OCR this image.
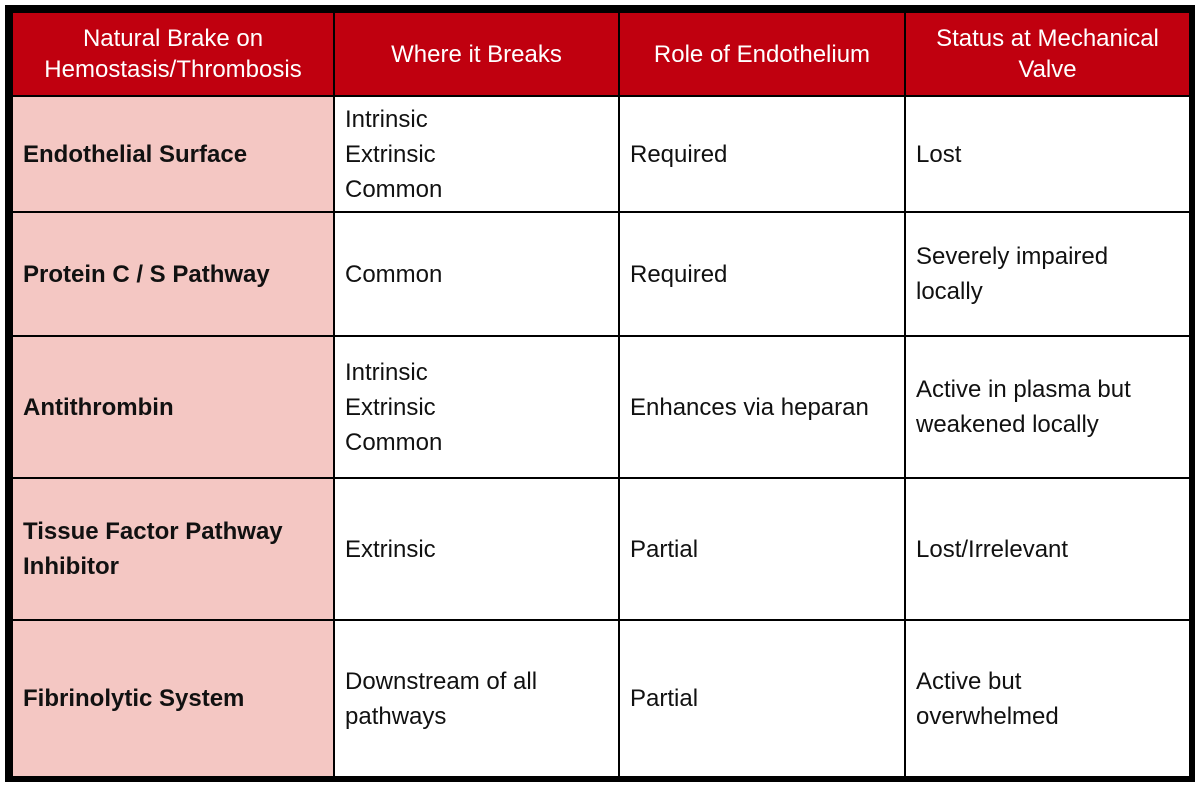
Natural Brake on
Hemostasis/Thrombosis	Where it Breaks	Role of Endothelium	Status at Mechanical
Valve

Endothelial Surface	Intrinsic
Extrinsic
Common	Required	Lost

Protein C / S Pathway	Common	Required	Severely impaired
locally

Antithrombin	Intrinsic
Extrinsic
Common	Enhances via heparan	Active in plasma but
weakened locally

Tissue Factor Pathway
Inhibitor	Extrinsic	Partial	Lost/Irrelevant

Fibrinolytic System	Downstream of all
pathways	Partial	Active but
overwhelmed
